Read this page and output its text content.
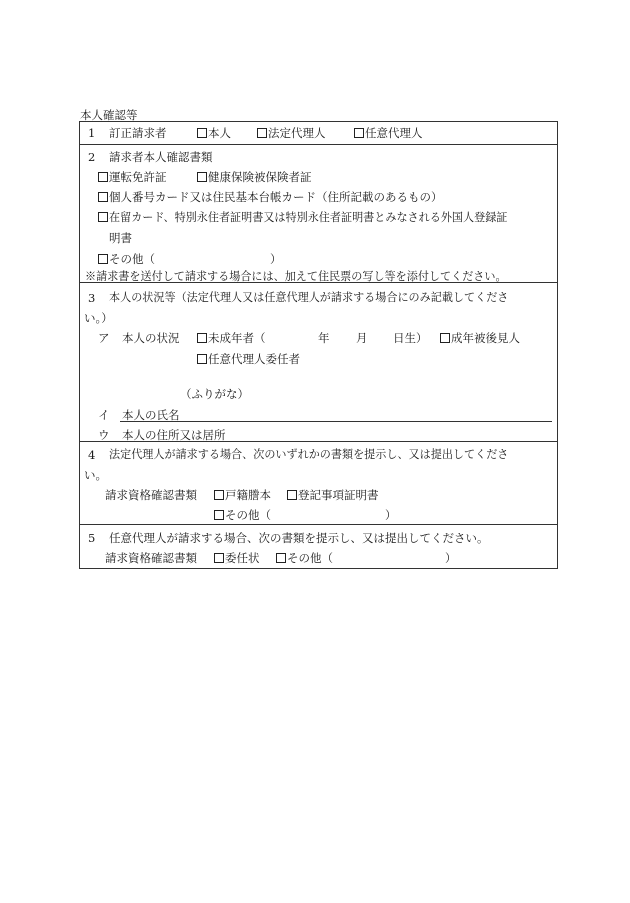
本人確認等
1 訂正請求者	本人	法定代理人	任意代理人
2 請求者本人確認書類
運転免許証	健康保険被保険者証
個人番号カード又は住民基本台帳カード（住所記載のあるもの）
在留カード、特別永住者証明書又は特別永住者証明書とみなされる外国人登録証
明書
その他（	）
※請求書を送付して請求する場合には、加えて住民票の写し等を添付してください。
3 本人の状況等（法定代理人又は任意代理人が請求する場合にのみ記載してくださ
い。）
ア 本人の状況	未成年者（	年 月 日生）	成年被後見人
任意代理人委任者
（ふりがな）
イ 本人の氏名
ウ 本人の住所又は居所
4 法定代理人が請求する場合、次のいずれかの書類を提示し、又は提出してくださ
い。
請求資格確認書類	戸籍謄本	登記事項証明書
その他（	）
5 任意代理人が請求する場合、次の書類を提示し、又は提出してください。
請求資格確認書類	委任状	その他（	）
